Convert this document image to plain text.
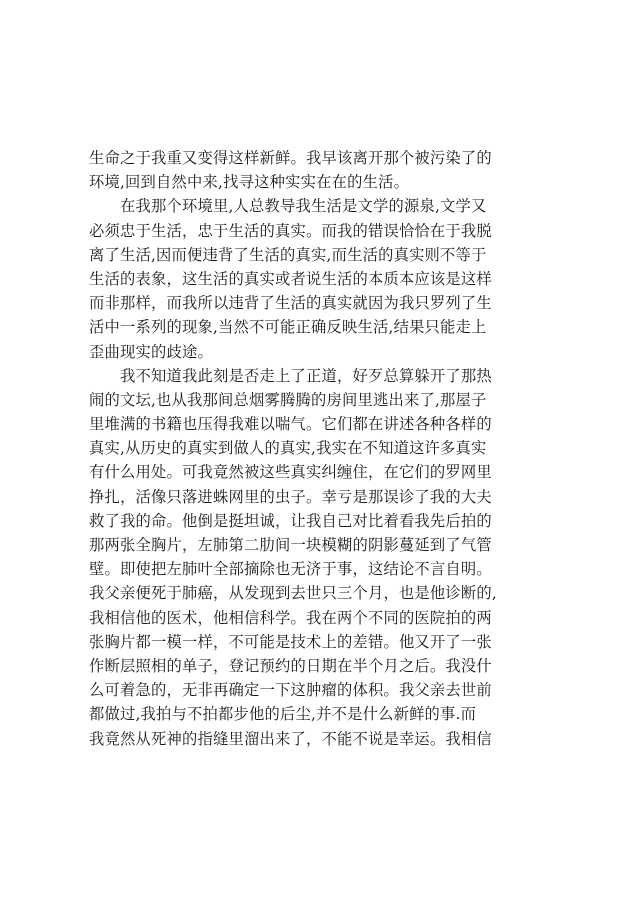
生命之于我重又变得这样新鲜。我早该离开那个被污染了的
环境,回到自然中来,找寻这种实实在在的生活。
　　在我那个环境里,人总教导我生活是文学的源泉,文学又
必须忠于生活，忠于生活的真实。而我的错误恰恰在于我脱
离了生活,因而便违背了生活的真实,而生活的真实则不等于
生活的表象，这生活的真实或者说生活的本质本应该是这样
而非那样，而我所以违背了生活的真实就因为我只罗列了生
活中一系列的现象,当然不可能正确反映生活,结果只能走上
歪曲现实的歧途。
　　我不知道我此刻是否走上了正道，好歹总算躲开了那热
闹的文坛,也从我那间总烟雾腾腾的房间里逃出来了,那屋子
里堆满的书籍也压得我难以喘气。它们都在讲述各种各样的
真实,从历史的真实到做人的真实,我实在不知道这许多真实
有什么用处。可我竟然被这些真实纠缠住，在它们的罗网里
挣扎，活像只落进蛛网里的虫子。幸亏是那误诊了我的大夫
救了我的命。他倒是挺坦诚，让我自己对比着看我先后拍的
那两张全胸片，左肺第二肋间一块模糊的阴影蔓延到了气管
壁。即使把左肺叶全部摘除也无济于事，这结论不言自明。
我父亲便死于肺癌，从发现到去世只三个月，也是他诊断的,
我相信他的医术，他相信科学。我在两个不同的医院拍的两
张胸片都一模一样，不可能是技术上的差错。他又开了一张
作断层照相的单子，登记预约的日期在半个月之后。我没什
么可着急的，无非再确定一下这肿瘤的体积。我父亲去世前
都做过,我拍与不拍都步他的后尘,并不是什么新鲜的事.而
我竟然从死神的指缝里溜出来了，不能不说是幸运。我相信
